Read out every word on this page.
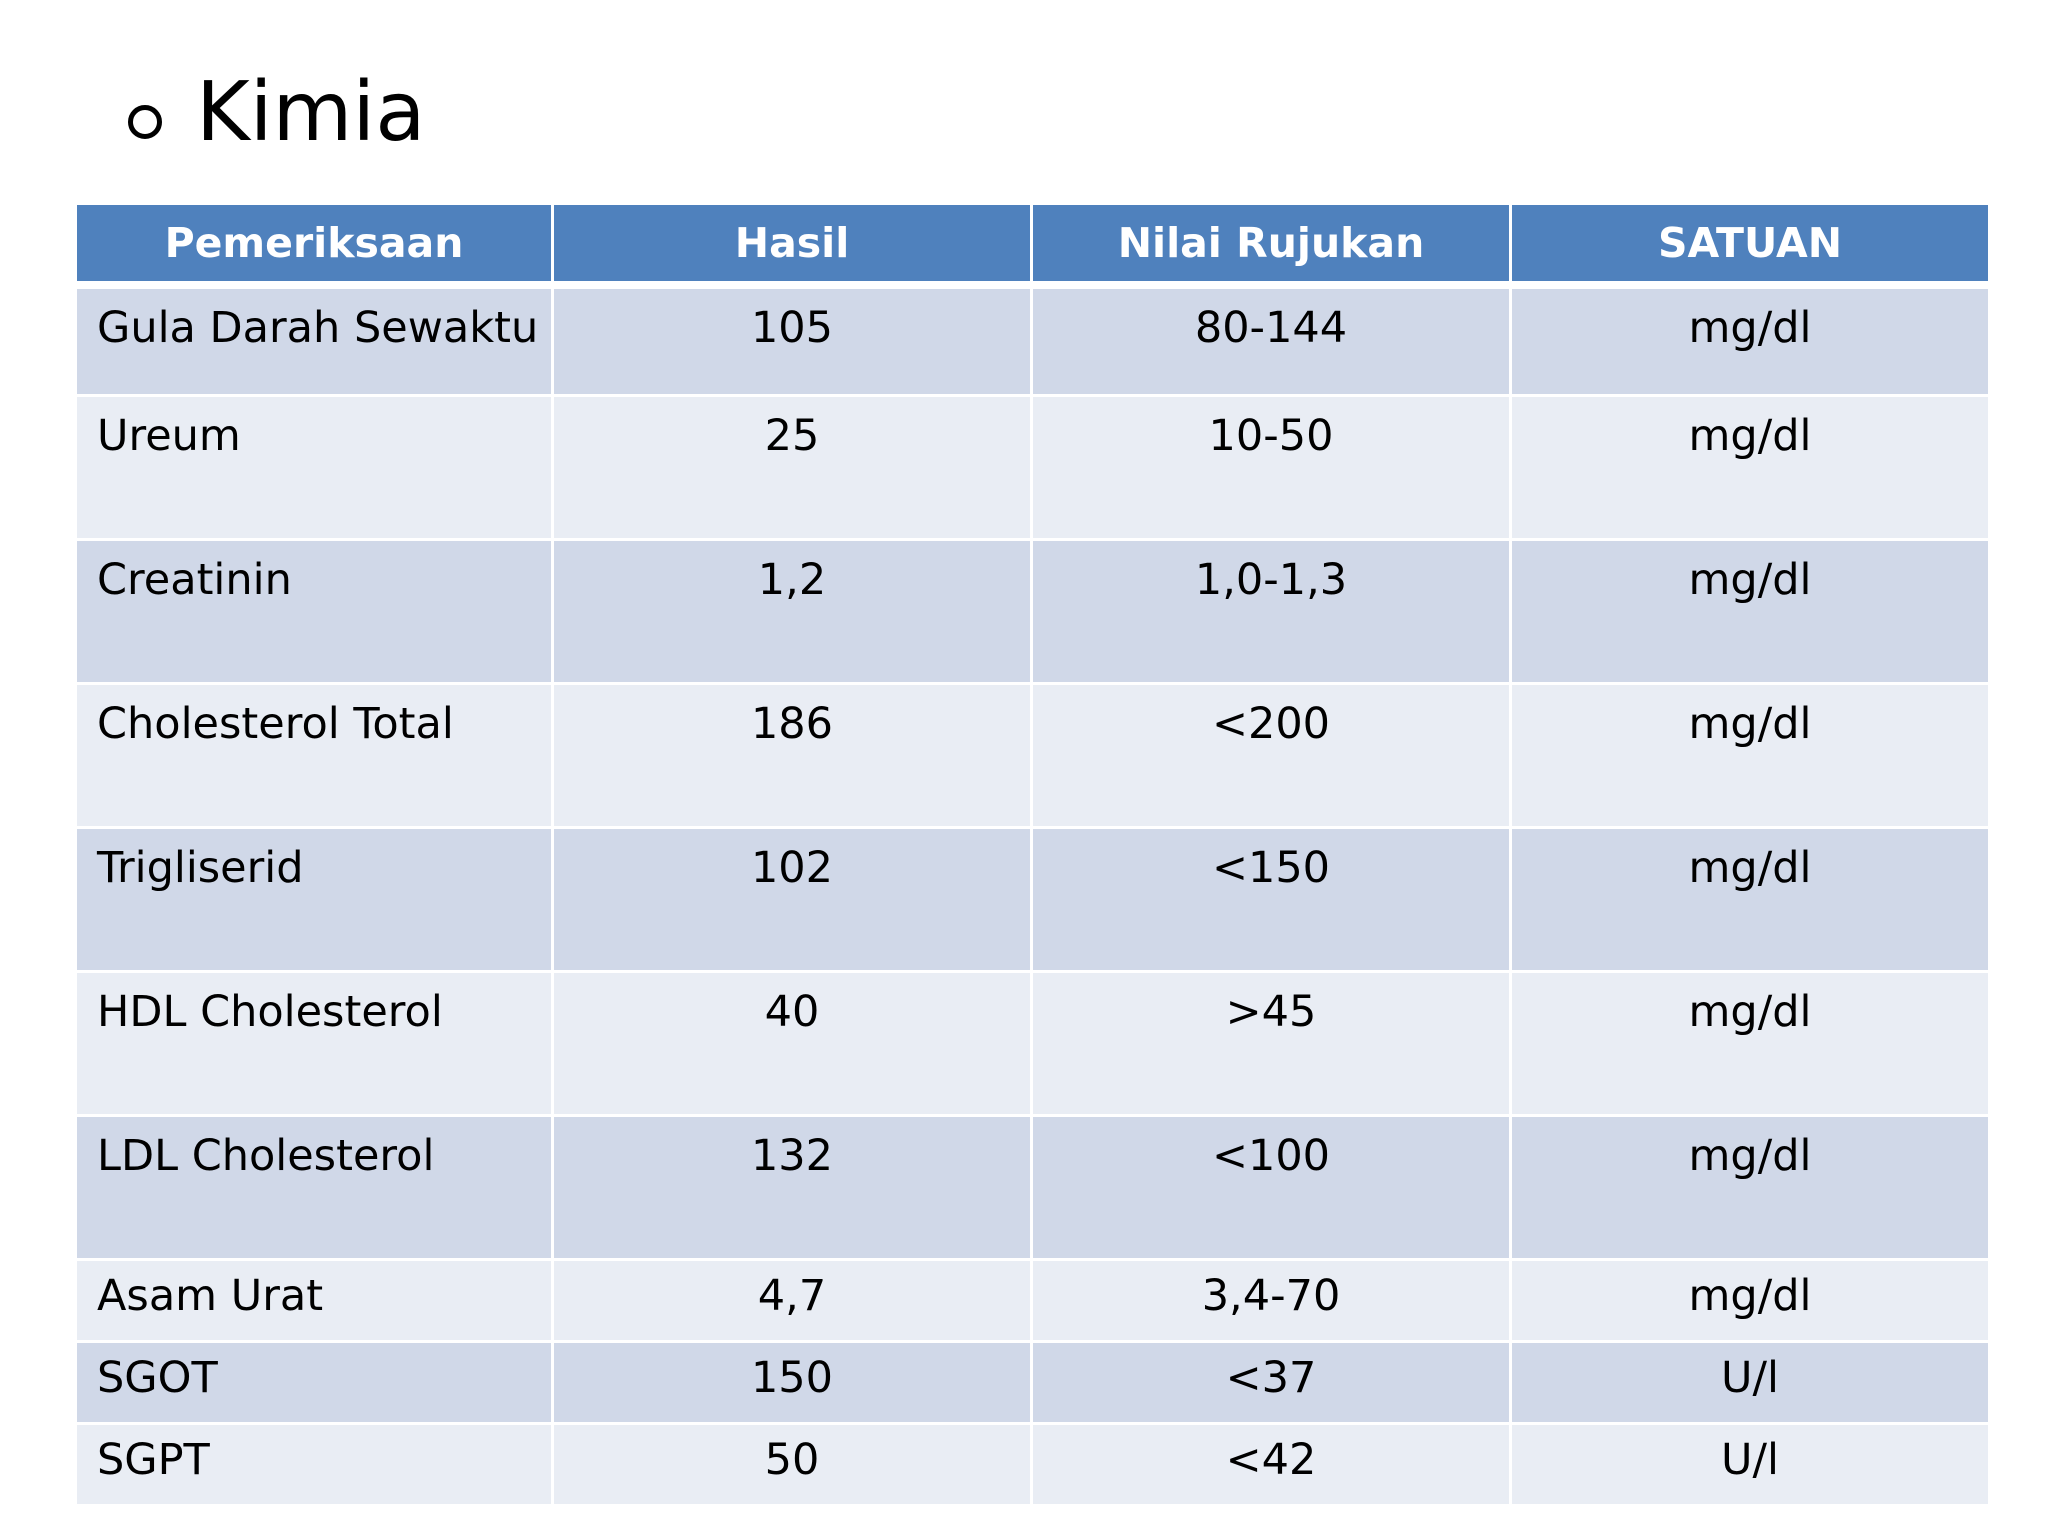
Kimia
Pemeriksaan	Hasil	Nilai Rujukan	SATUAN
Gula Darah Sewaktu	105	80-144	mg/dl
Ureum	25	10-50	mg/dl
Creatinin	1,2	1,0-1,3	mg/dl
Cholesterol Total	186	<200	mg/dl
Trigliserid	102	<150	mg/dl
HDL Cholesterol	40	>45	mg/dl
LDL Cholesterol	132	<100	mg/dl
Asam Urat	4,7	3,4-70	mg/dl
SGOT	150	<37	U/l
SGPT	50	<42	U/l
